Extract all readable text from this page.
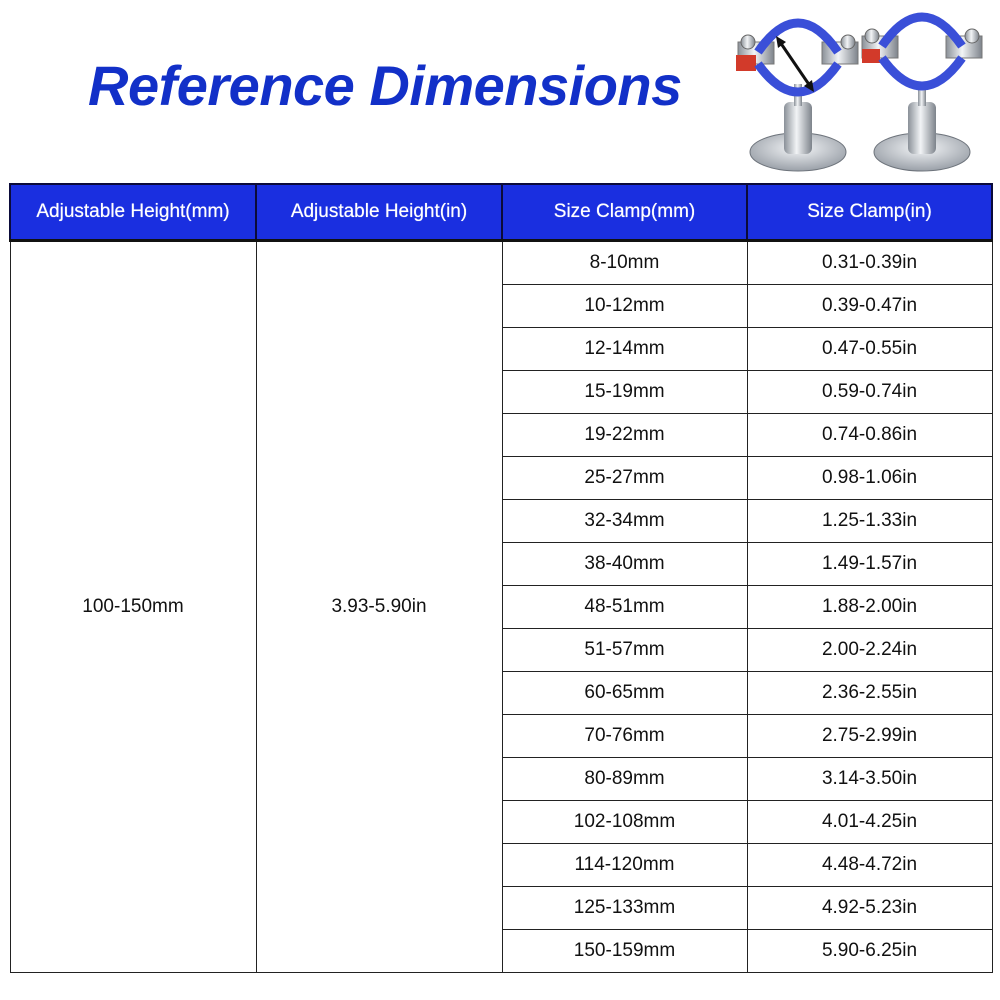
Reference Dimensions
Adjustable Height(mm)	Adjustable Height(in)	Size Clamp(mm)	Size Clamp(in)
100-150mm	3.93-5.90in	8-10mm	0.31-0.39in
		10-12mm	0.39-0.47in
		12-14mm	0.47-0.55in
		15-19mm	0.59-0.74in
		19-22mm	0.74-0.86in
		25-27mm	0.98-1.06in
		32-34mm	1.25-1.33in
		38-40mm	1.49-1.57in
		48-51mm	1.88-2.00in
		51-57mm	2.00-2.24in
		60-65mm	2.36-2.55in
		70-76mm	2.75-2.99in
		80-89mm	3.14-3.50in
		102-108mm	4.01-4.25in
		114-120mm	4.48-4.72in
		125-133mm	4.92-5.23in
		150-159mm	5.90-6.25in
